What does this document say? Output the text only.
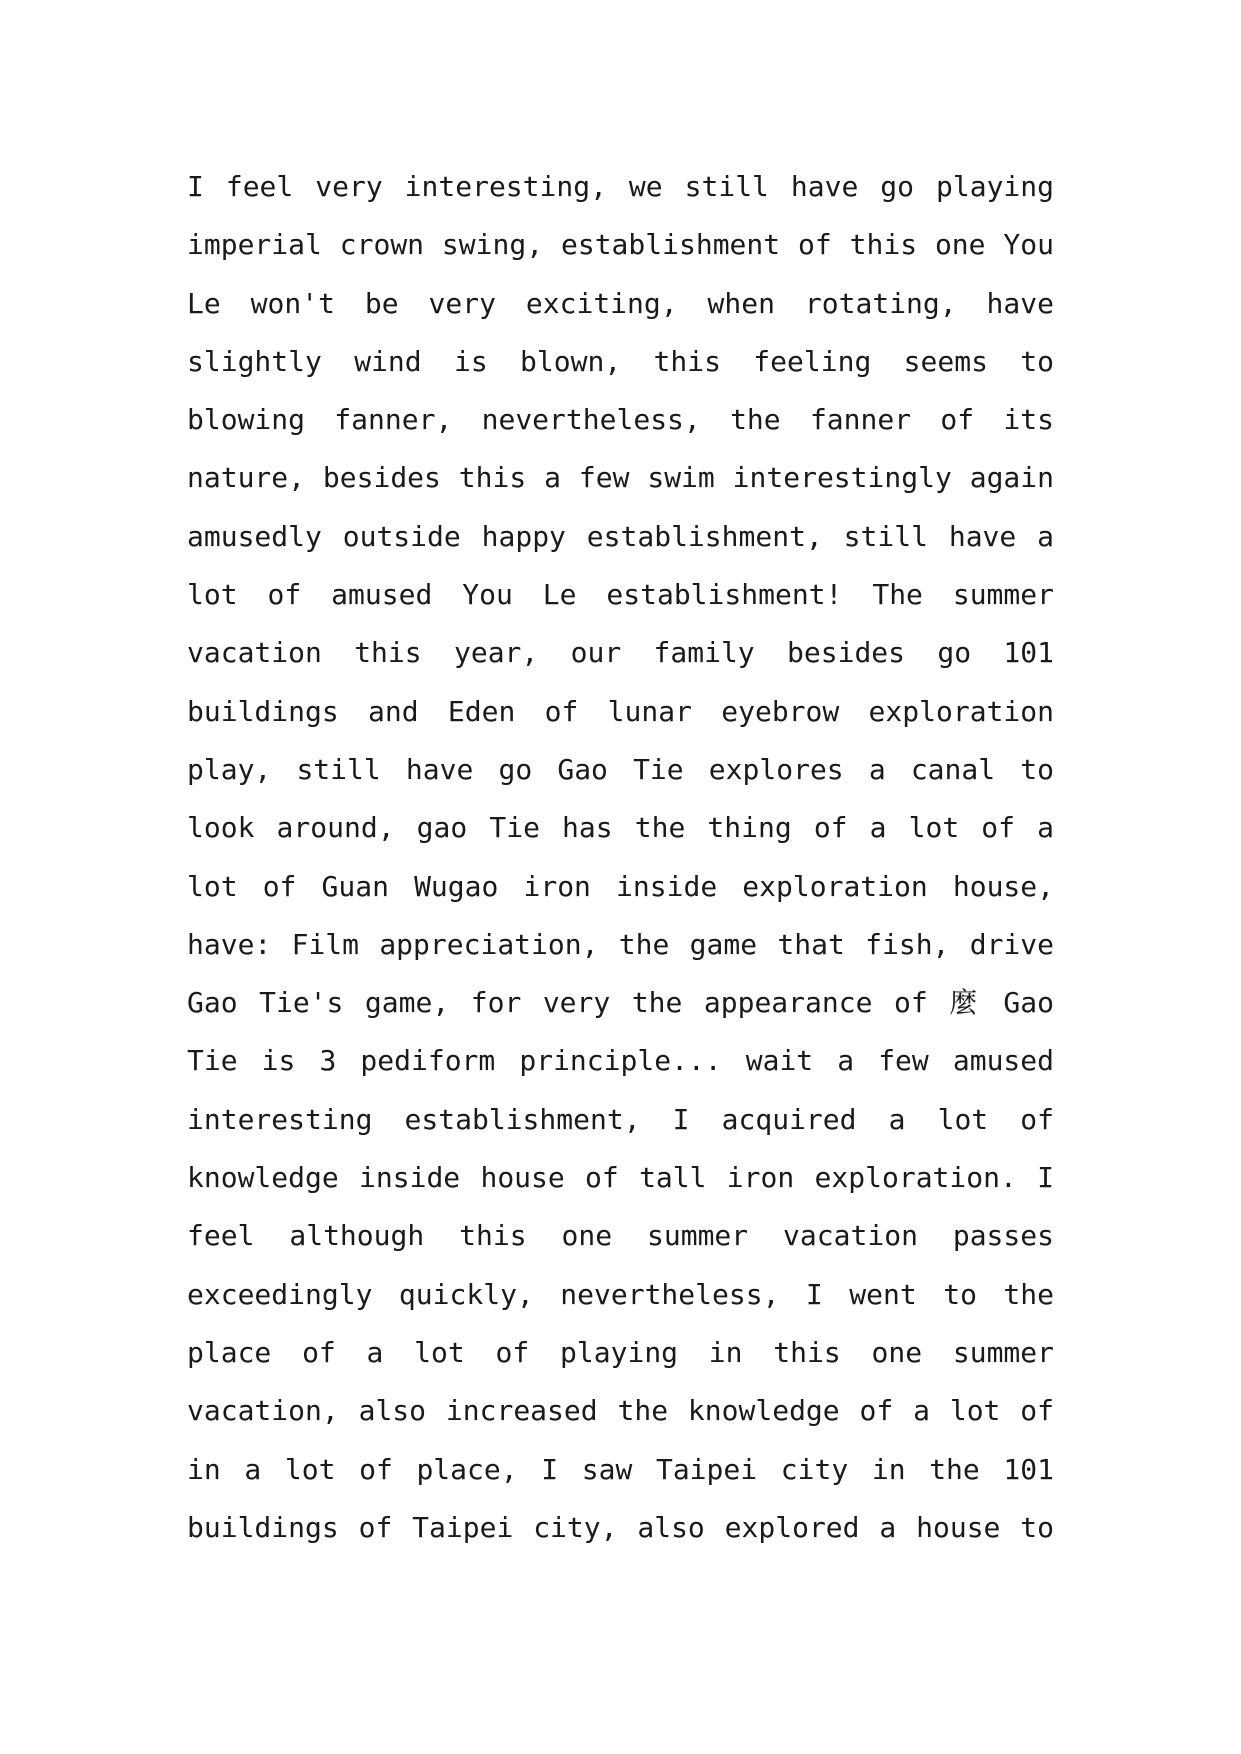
I feel very interesting, we still have go playing
imperial crown swing, establishment of this one You
Le won't be very exciting, when rotating, have
slightly wind is blown, this feeling seems to
blowing fanner, nevertheless, the fanner of its
nature, besides this a few swim interestingly again
amusedly outside happy establishment, still have a
lot of amused You Le establishment! The summer
vacation this year, our family besides go 101
buildings and Eden of lunar eyebrow exploration
play, still have go Gao Tie explores a canal to
look around, gao Tie has the thing of a lot of a
lot of Guan Wugao iron inside exploration house,
have: Film appreciation, the game that fish, drive
Gao Tie's game, for very the appearance of 麼 Gao
Tie is 3 pediform principle... wait a few amused
interesting establishment, I acquired a lot of
knowledge inside house of tall iron exploration. I
feel although this one summer vacation passes
exceedingly quickly, nevertheless, I went to the
place of a lot of playing in this one summer
vacation, also increased the knowledge of a lot of
in a lot of place, I saw Taipei city in the 101
buildings of Taipei city, also explored a house to
